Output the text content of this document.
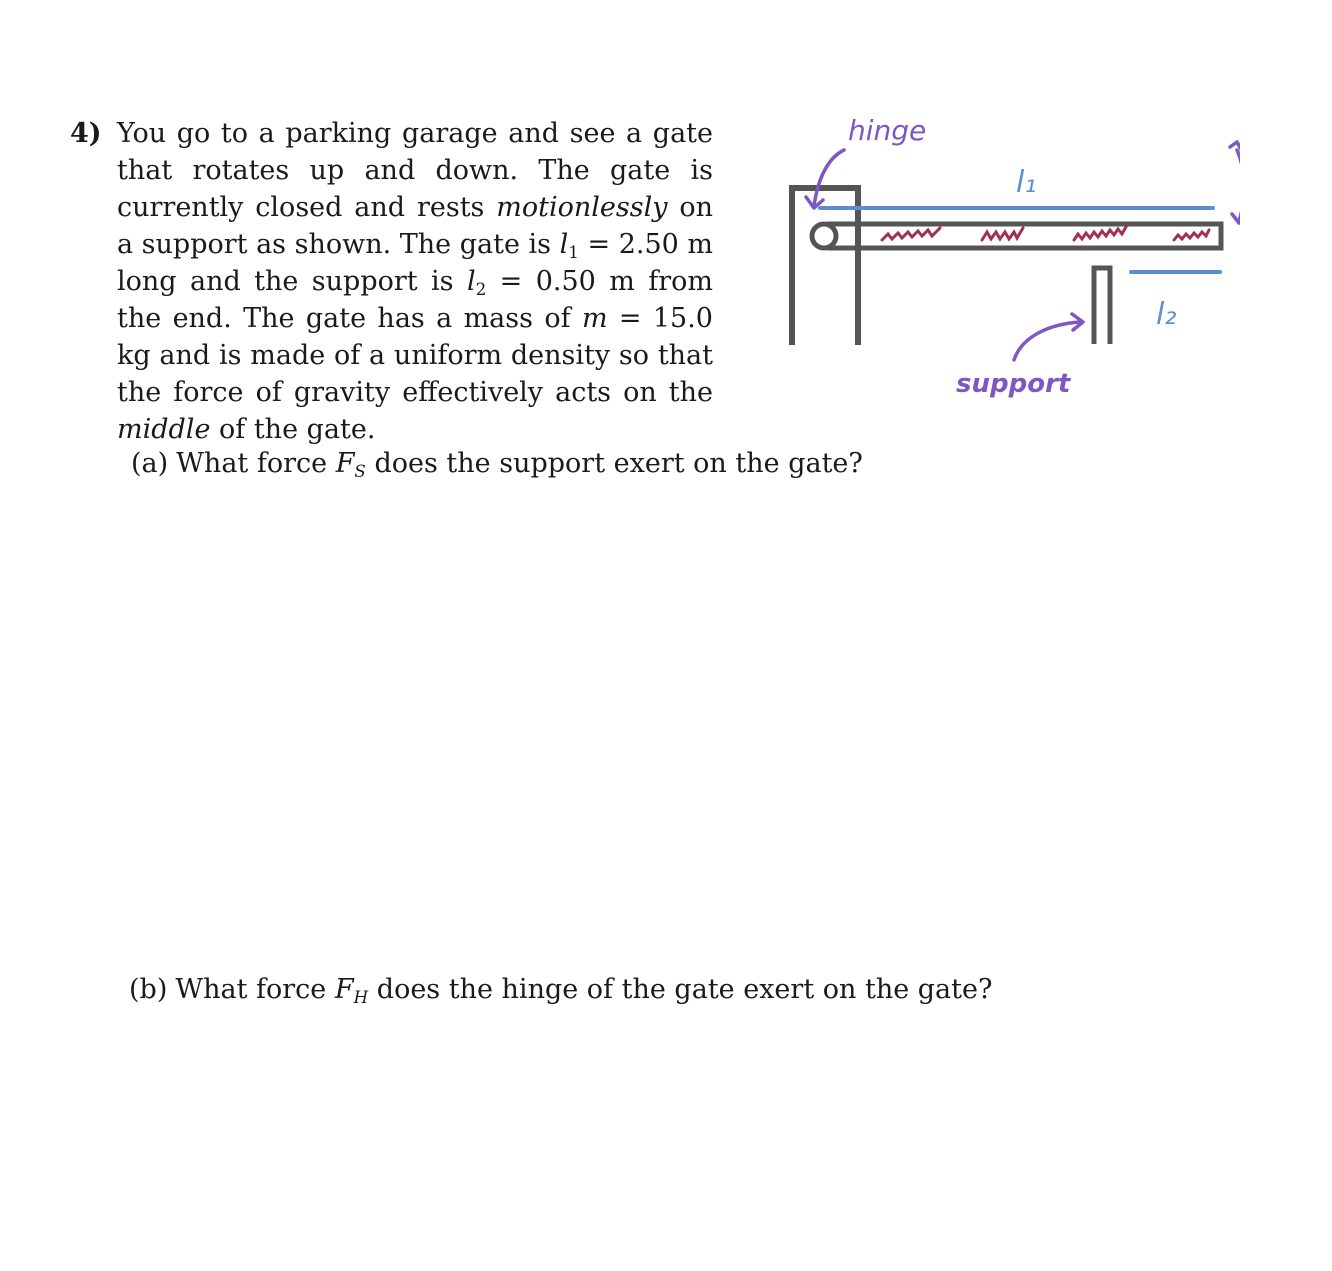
4) You go to a parking garage and see a gate that rotates up and down. The gate is currently closed and rests motionlessly on a support as shown. The gate is $l_1 = 2.50$ m long and the support is $l_2 = 0.50$ m from the end. The gate has a mass of m = 15.0 kg and is made of a uniform density so that the force of gravity effectively acts on the middle of the gate.
(a) What force $F_S$ does the support exert on the gate?
(b) What force $F_H$ does the hinge of the gate exert on the gate?
hinge
l₁
l₂
support
